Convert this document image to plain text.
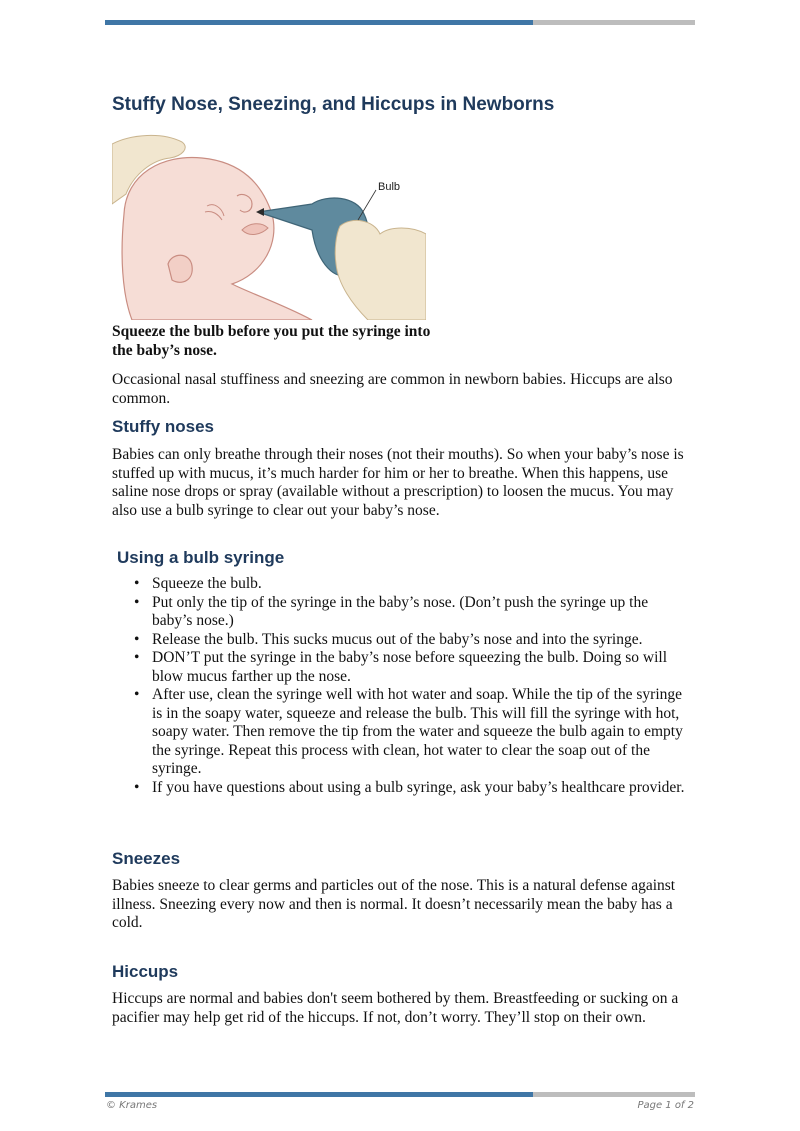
Stuffy Nose, Sneezing, and Hiccups in Newborns
Bulb

Squeeze the bulb before you put the syringe into the baby’s nose.

Occasional nasal stuffiness and sneezing are common in newborn babies. Hiccups are also common.

Stuffy noses

Babies can only breathe through their noses (not their mouths). So when your baby’s nose is stuffed up with mucus, it’s much harder for him or her to breathe. When this happens, use saline nose drops or spray (available without a prescription) to loosen the mucus. You may also use a bulb syringe to clear out your baby’s nose.

Using a bulb syringe
• Squeeze the bulb.
• Put only the tip of the syringe in the baby’s nose. (Don’t push the syringe up the baby’s nose.)
• Release the bulb. This sucks mucus out of the baby’s nose and into the syringe.
• DON’T put the syringe in the baby’s nose before squeezing the bulb. Doing so will blow mucus farther up the nose.
• After use, clean the syringe well with hot water and soap. While the tip of the syringe is in the soapy water, squeeze and release the bulb. This will fill the syringe with hot, soapy water. Then remove the tip from the water and squeeze the bulb again to empty the syringe. Repeat this process with clean, hot water to clear the soap out of the syringe.
• If you have questions about using a bulb syringe, ask your baby’s healthcare provider.
Sneezes

Babies sneeze to clear germs and particles out of the nose. This is a natural defense against illness. Sneezing every now and then is normal. It doesn’t necessarily mean the baby has a cold.

Hiccups

Hiccups are normal and babies don't seem bothered by them. Breastfeeding or sucking on a pacifier may help get rid of the hiccups. If not, don’t worry. They’ll stop on their own.

© Krames	Page 1 of 2
